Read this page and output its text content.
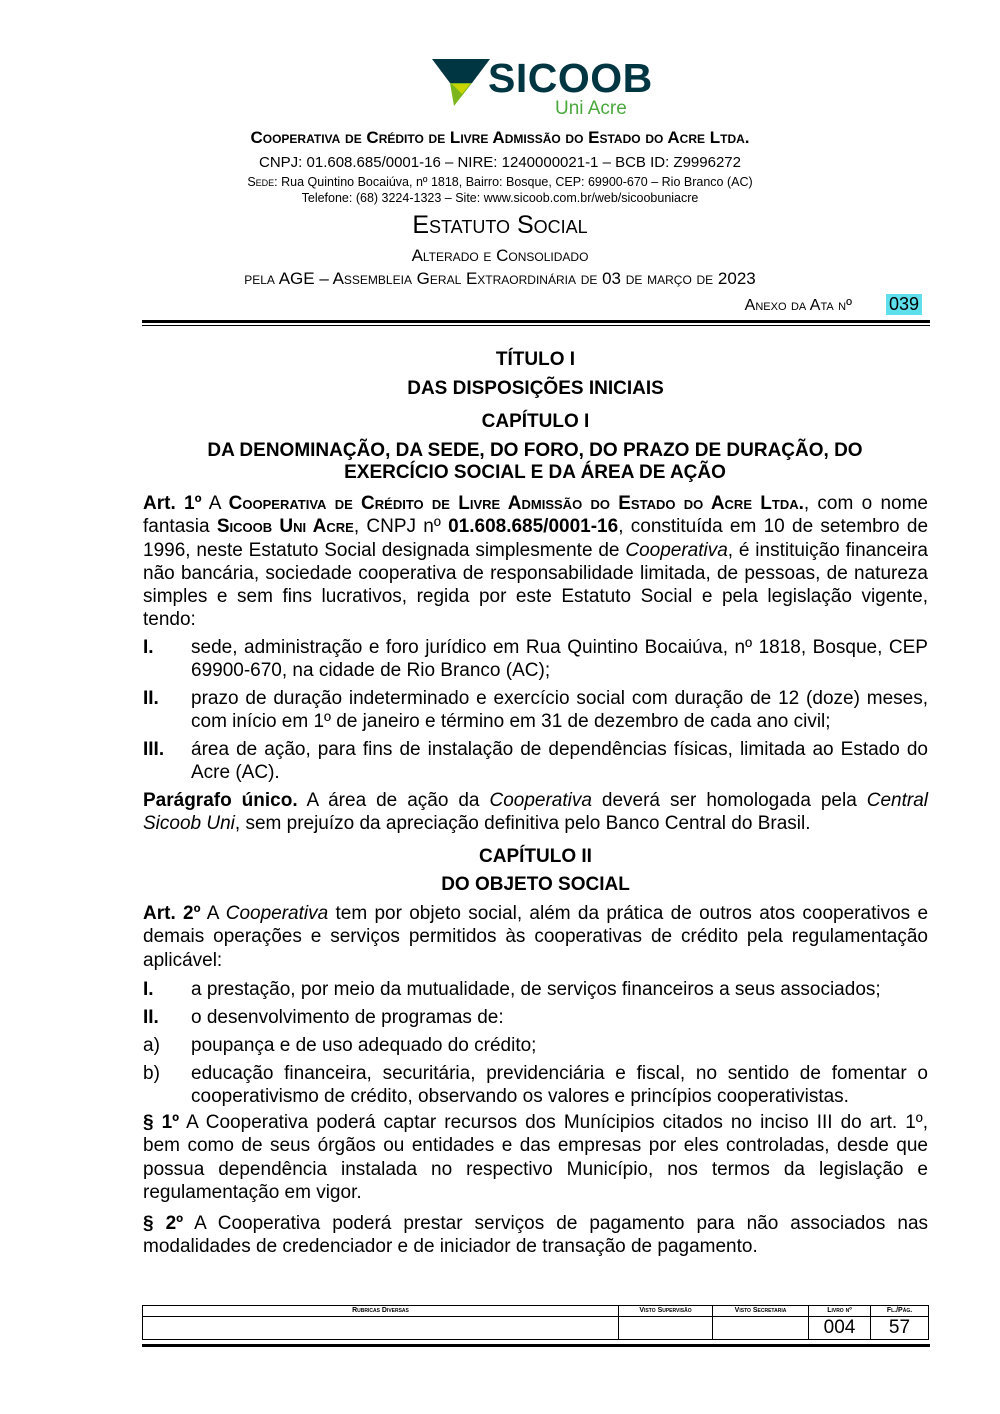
SICOOB
Uni Acre
Cooperativa de Crédito de Livre Admissão do Estado do Acre Ltda.
CNPJ: 01.608.685/0001-16 – NIRE: 1240000021-1 – BCB ID: Z9996272
Sede: Rua Quintino Bocaiúva, nº 1818, Bairro: Bosque, CEP: 69900-670 – Rio Branco (AC)
Telefone: (68) 3224-1323 – Site: www.sicoob.com.br/web/sicoobuniacre
Estatuto Social
Alterado e Consolidado
pela AGE – Assembleia Geral Extraordinária de 03 de março de 2023
Anexo da Ata nº 039
TÍTULO I
DAS DISPOSIÇÕES INICIAIS
CAPÍTULO I
DA DENOMINAÇÃO, DA SEDE, DO FORO, DO PRAZO DE DURAÇÃO, DO EXERCÍCIO SOCIAL E DA ÁREA DE AÇÃO
Art. 1º A Cooperativa de Crédito de Livre Admissão do Estado do Acre Ltda., com o nome fantasia Sicoob Uni Acre, CNPJ nº 01.608.685/0001-16, constituída em 10 de setembro de 1996, neste Estatuto Social designada simplesmente de Cooperativa, é instituição financeira não bancária, sociedade cooperativa de responsabilidade limitada, de pessoas, de natureza simples e sem fins lucrativos, regida por este Estatuto Social e pela legislação vigente, tendo:
I. sede, administração e foro jurídico em Rua Quintino Bocaiúva, nº 1818, Bosque, CEP 69900-670, na cidade de Rio Branco (AC);
II. prazo de duração indeterminado e exercício social com duração de 12 (doze) meses, com início em 1º de janeiro e término em 31 de dezembro de cada ano civil;
III. área de ação, para fins de instalação de dependências físicas, limitada ao Estado do Acre (AC).
Parágrafo único. A área de ação da Cooperativa deverá ser homologada pela Central Sicoob Uni, sem prejuízo da apreciação definitiva pelo Banco Central do Brasil.
CAPÍTULO II
DO OBJETO SOCIAL
Art. 2º A Cooperativa tem por objeto social, além da prática de outros atos cooperativos e demais operações e serviços permitidos às cooperativas de crédito pela regulamentação aplicável:
I. a prestação, por meio da mutualidade, de serviços financeiros a seus associados;
II. o desenvolvimento de programas de:
a) poupança e de uso adequado do crédito;
b) educação financeira, securitária, previdenciária e fiscal, no sentido de fomentar o cooperativismo de crédito, observando os valores e princípios cooperativistas.
§ 1º A Cooperativa poderá captar recursos dos Munícipios citados no inciso III do art. 1º, bem como de seus órgãos ou entidades e das empresas por eles controladas, desde que possua dependência instalada no respectivo Município, nos termos da legislação e regulamentação em vigor.
§ 2º A Cooperativa poderá prestar serviços de pagamento para não associados nas modalidades de credenciador e de iniciador de transação de pagamento.
Rubricas Diversas	Visto Supervisão	Visto Secretaria	Livro nº	Fl./Pág.
			004	57
